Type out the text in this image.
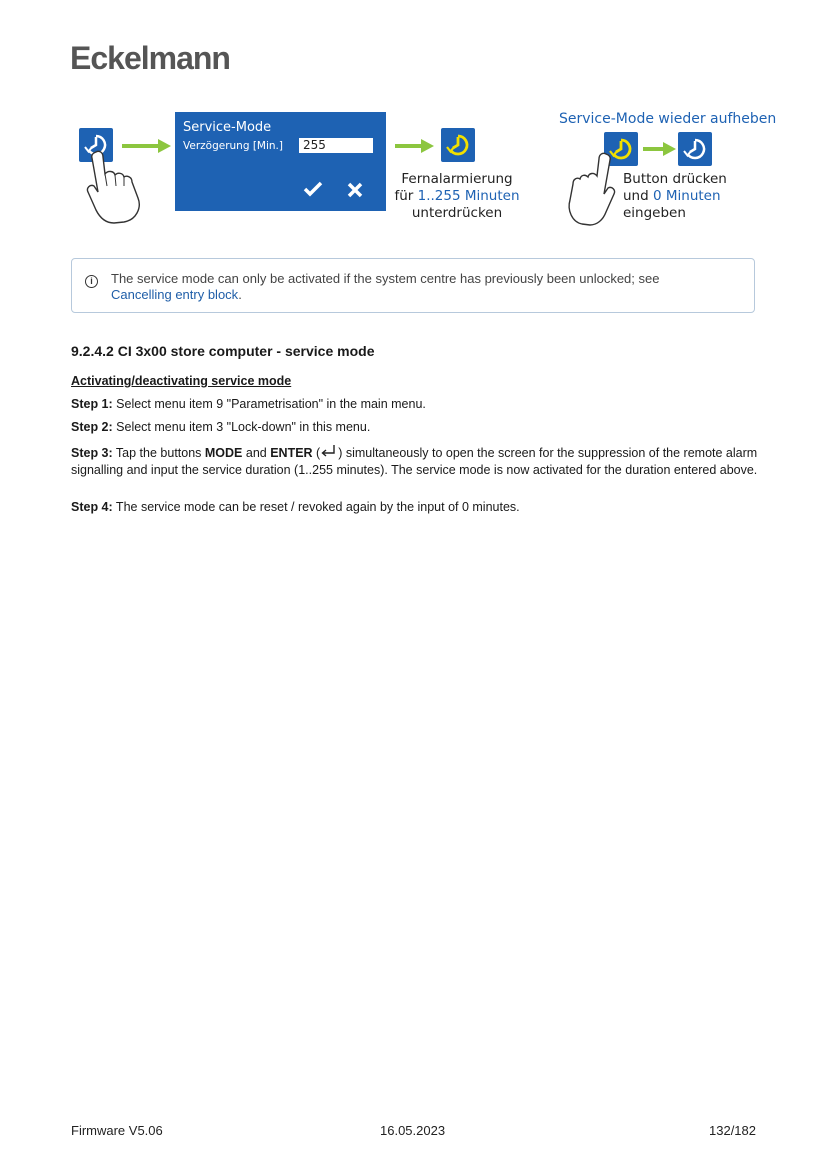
Eckelmann
Service-Mode
Verzögerung [Min.]	255
Fernalarmierung
für 1..255 Minuten
unterdrücken
Service-Mode wieder aufheben
Button drücken
und 0 Minuten
eingeben
i	The service mode can only be activated if the system centre has previously been unlocked; see
Cancelling entry block.
9.2.4.2 CI 3x00 store computer - service mode
Activating/deactivating service mode
Step 1: Select menu item 9 "Parametrisation" in the main menu.
Step 2: Select menu item 3 "Lock-down" in this menu.
Step 3: Tap the buttons MODE and ENTER ( ) simultaneously to open the screen for the suppression of the remote alarm signalling and input the service duration (1..255 minutes). The service mode is now activated for the duration entered above.
Step 4: The service mode can be reset / revoked again by the input of 0 minutes.
Firmware V5.06	16.05.2023	132/182
